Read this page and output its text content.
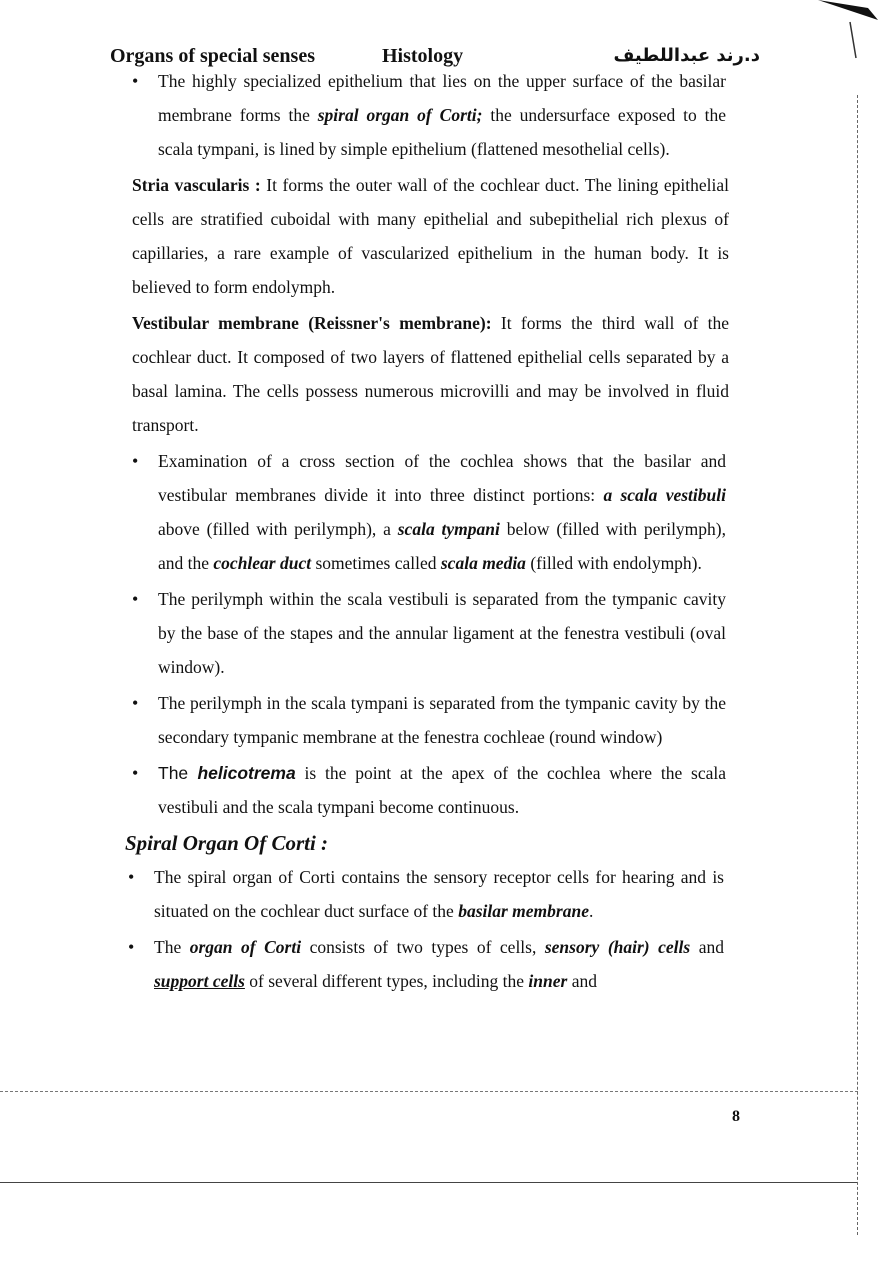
Organs of special senses	Histology	د.رند عبداللطيف

• The highly specialized epithelium that lies on the upper surface of the basilar membrane forms the spiral organ of Corti; the undersurface exposed to the scala tympani, is lined by simple epithelium (flattened mesothelial cells).

Stria vascularis : It forms the outer wall of the cochlear duct. The lining epithelial cells are stratified cuboidal with many epithelial and subepithelial rich plexus of capillaries, a rare example of vascularized epithelium in the human body. It is believed to form endolymph.

Vestibular membrane (Reissner's membrane): It forms the third wall of the cochlear duct. It composed of two layers of flattened epithelial cells separated by a basal lamina. The cells possess numerous microvilli and may be involved in fluid transport.

• Examination of a cross section of the cochlea shows that the basilar and vestibular membranes divide it into three distinct portions: a scala vestibuli above (filled with perilymph), a scala tympani below (filled with perilymph), and the cochlear duct sometimes called scala media (filled with endolymph).

• The perilymph within the scala vestibuli is separated from the tympanic cavity by the base of the stapes and the annular ligament at the fenestra vestibuli (oval window).

• The perilymph in the scala tympani is separated from the tympanic cavity by the secondary tympanic membrane at the fenestra cochleae (round window)

• The helicotrema is the point at the apex of the cochlea where the scala vestibuli and the scala tympani become continuous.

Spiral Organ Of Corti :

• The spiral organ of Corti contains the sensory receptor cells for hearing and is situated on the cochlear duct surface of the basilar membrane.

• The organ of Corti consists of two types of cells, sensory (hair) cells and support cells of several different types, including the inner and

8
